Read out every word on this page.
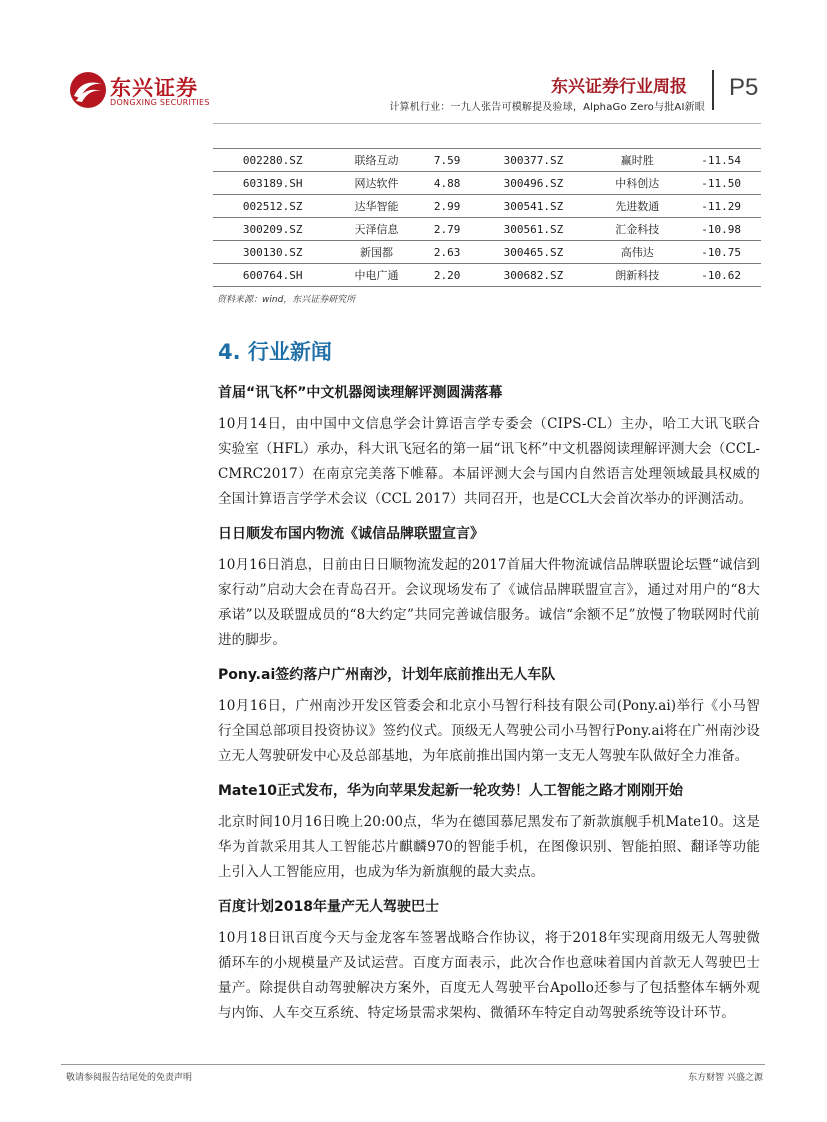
东兴证券
DONGXING SECURITIES
东兴证券行业周报
计算机行业：一九人张告可模解提及验球，AlphaGo Zero与批AI新眼
P5
002280.SZ	联络互动	7.59	300377.SZ	赢时胜	-11.54
603189.SH	网达软件	4.88	300496.SZ	中科创达	-11.50
002512.SZ	达华智能	2.99	300541.SZ	先进数通	-11.29
300209.SZ	天泽信息	2.79	300561.SZ	汇金科技	-10.98
300130.SZ	新国都	2.63	300465.SZ	高伟达	-10.75
600764.SH	中电广通	2.20	300682.SZ	朗新科技	-10.62
资料来源：wind，东兴证券研究所
4. 行业新闻
首届“讯飞杯”中文机器阅读理解评测圆满落幕
10月14日，由中国中文信息学会计算语言学专委会（CIPS-CL）主办，哈工大讯飞联合实验室（HFL）承办，科大讯飞冠名的第一届“讯飞杯”中文机器阅读理解评测大会（CCL-CMRC2017）在南京完美落下帷幕。本届评测大会与国内自然语言处理领域最具权威的全国计算语言学学术会议（CCL 2017）共同召开，也是CCL大会首次举办的评测活动。
日日顺发布国内物流《诚信品牌联盟宣言》
10月16日消息，日前由日日顺物流发起的2017首届大件物流诚信品牌联盟论坛暨“诚信到家行动”启动大会在青岛召开。会议现场发布了《诚信品牌联盟宣言》，通过对用户的“8大承诺”以及联盟成员的“8大约定”共同完善诚信服务。诚信“余额不足”放慢了物联网时代前进的脚步。
Pony.ai签约落户广州南沙，计划年底前推出无人车队
10月16日，广州南沙开发区管委会和北京小马智行科技有限公司(Pony.ai)举行《小马智行全国总部项目投资协议》签约仪式。顶级无人驾驶公司小马智行Pony.ai将在广州南沙设立无人驾驶研发中心及总部基地，为年底前推出国内第一支无人驾驶车队做好全力准备。
Mate10正式发布，华为向苹果发起新一轮攻势！人工智能之路才刚刚开始
北京时间10月16日晚上20:00点，华为在德国慕尼黑发布了新款旗舰手机Mate10。这是华为首款采用其人工智能芯片麒麟970的智能手机，在图像识别、智能拍照、翻译等功能上引入人工智能应用，也成为华为新旗舰的最大卖点。
百度计划2018年量产无人驾驶巴士
10月18日讯百度今天与金龙客车签署战略合作协议，将于2018年实现商用级无人驾驶微循环车的小规模量产及试运营。百度方面表示，此次合作也意味着国内首款无人驾驶巴士量产。除提供自动驾驶解决方案外，百度无人驾驶平台Apollo还参与了包括整体车辆外观与内饰、人车交互系统、特定场景需求架构、微循环车特定自动驾驶系统等设计环节。
敬请参阅报告结尾处的免责声明	东方财智 兴盛之源
